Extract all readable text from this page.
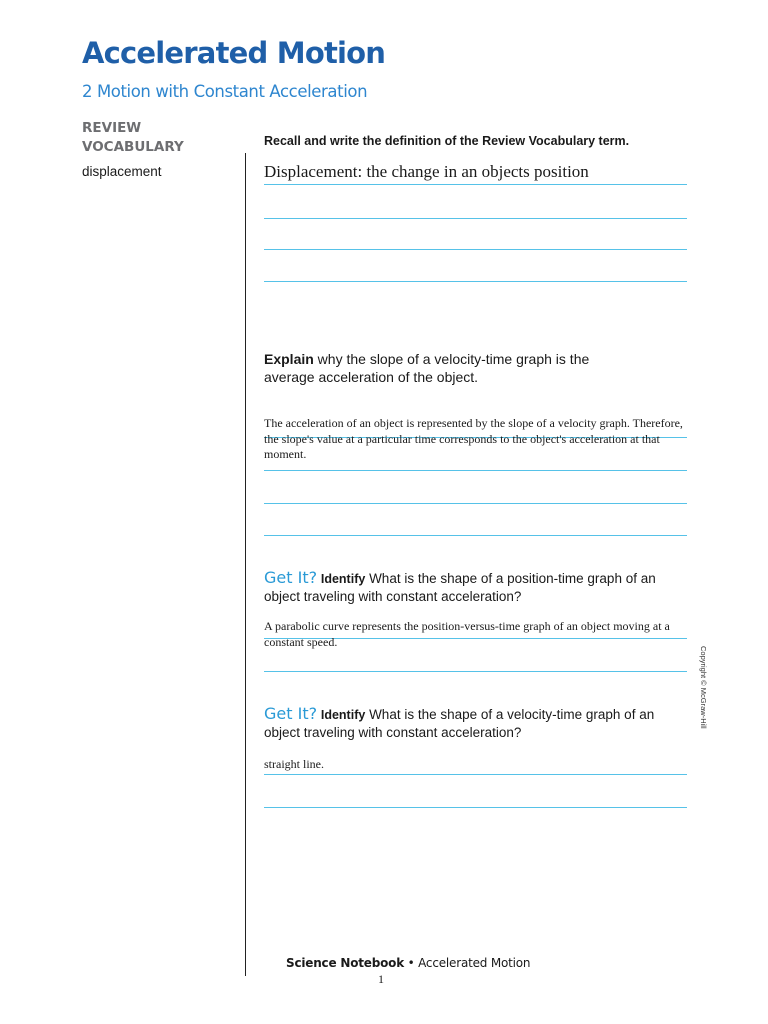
Accelerated Motion
2 Motion with Constant Acceleration
REVIEW VOCABULARY
displacement
Recall and write the definition of the Review Vocabulary term.
Displacement: the change in an objects position
Explain why the slope of a velocity-time graph is the average acceleration of the object.
The acceleration of an object is represented by the slope of a velocity graph. Therefore, the slope's value at a particular time corresponds to the object's acceleration at that moment.
Get It? Identify What is the shape of a position-time graph of an object traveling with constant acceleration?
A parabolic curve represents the position-versus-time graph of an object moving at a constant speed.
Get It? Identify What is the shape of a velocity-time graph of an object traveling with constant acceleration?
straight line.
Copyright © McGraw-Hill
Science Notebook • Accelerated Motion
1
